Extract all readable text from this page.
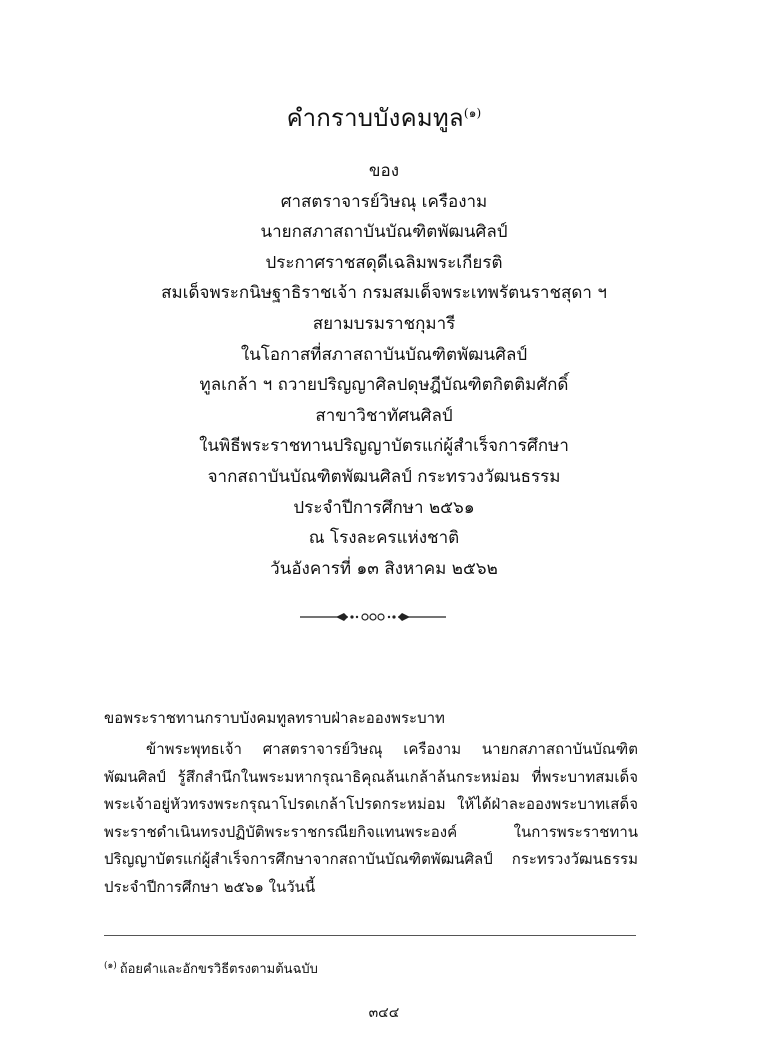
คำกราบบังคมทูล$^{(๑)}$
ของ
ศาสตราจารย์วิษณุ เครืองาม
นายกสภาสถาบันบัณฑิตพัฒนศิลป์
ประกาศราชสดุดีเฉลิมพระเกียรติ
สมเด็จพระกนิษฐาธิราชเจ้า กรมสมเด็จพระเทพรัตนราชสุดา ฯ
สยามบรมราชกุมารี
ในโอกาสที่สภาสถาบันบัณฑิตพัฒนศิลป์
ทูลเกล้า ฯ ถวายปริญญาศิลปดุษฎีบัณฑิตกิตติมศักดิ์
สาขาวิชาทัศนศิลป์
ในพิธีพระราชทานปริญญาบัตรแก่ผู้สำเร็จการศึกษา
จากสถาบันบัณฑิตพัฒนศิลป์ กระทรวงวัฒนธรรม
ประจำปีการศึกษา ๒๕๖๑
ณ โรงละครแห่งชาติ
วันอังคารที่ ๑๓ สิงหาคม ๒๕๖๒
ขอพระราชทานกราบบังคมทูลทราบฝ่าละอองพระบาท
ข้าพระพุทธเจ้า ศาสตราจารย์วิษณุ เครืองาม นายกสภาสถาบันบัณฑิต
พัฒนศิลป์ รู้สึกสำนึกในพระมหากรุณาธิคุณล้นเกล้าล้นกระหม่อม ที่พระบาทสมเด็จ
พระเจ้าอยู่หัวทรงพระกรุณาโปรดเกล้าโปรดกระหม่อม ให้ได้ฝ่าละอองพระบาทเสด็จ
พระราชดำเนินทรงปฏิบัติพระราชกรณียกิจแทนพระองค์ ในการพระราชทาน
ปริญญาบัตรแก่ผู้สำเร็จการศึกษาจากสถาบันบัณฑิตพัฒนศิลป์ กระทรวงวัฒนธรรม
ประจำปีการศึกษา ๒๕๖๑ ในวันนี้
$^{(๑)}$ ถ้อยคำและอักขรวิธีตรงตามต้นฉบับ
๓๔๔
